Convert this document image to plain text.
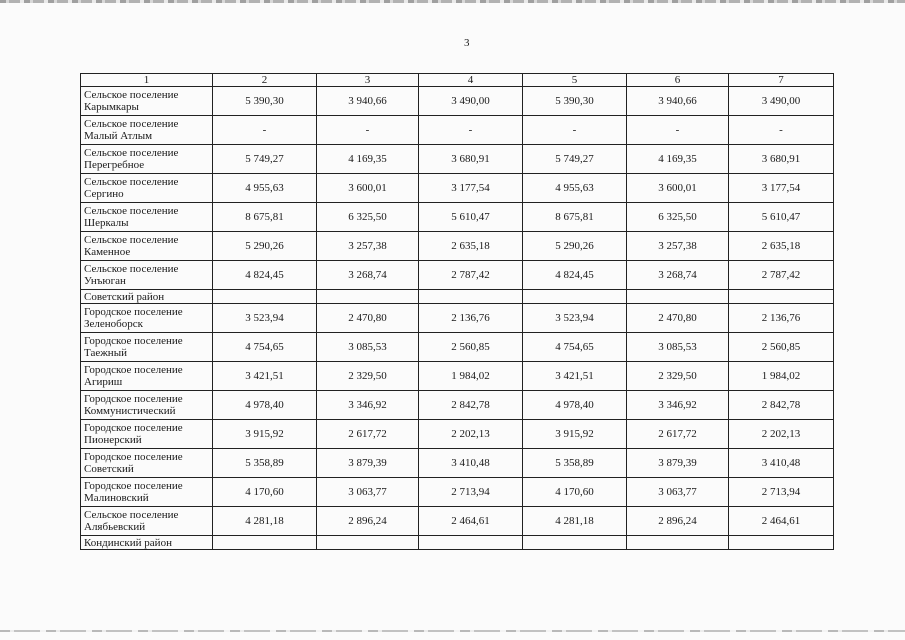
3
1	2	3	4	5	6	7
Сельское поселение Карымкары	5 390,30	3 940,66	3 490,00	5 390,30	3 940,66	3 490,00
Сельское поселение Малый Атлым	-	-	-	-	-	-
Сельское поселение Перегребное	5 749,27	4 169,35	3 680,91	5 749,27	4 169,35	3 680,91
Сельское поселение Сергино	4 955,63	3 600,01	3 177,54	4 955,63	3 600,01	3 177,54
Сельское поселение Шеркалы	8 675,81	6 325,50	5 610,47	8 675,81	6 325,50	5 610,47
Сельское поселение Каменное	5 290,26	3 257,38	2 635,18	5 290,26	3 257,38	2 635,18
Сельское поселение Унъюган	4 824,45	3 268,74	2 787,42	4 824,45	3 268,74	2 787,42
Советский район						
Городское поселение Зеленоборск	3 523,94	2 470,80	2 136,76	3 523,94	2 470,80	2 136,76
Городское поселение Таежный	4 754,65	3 085,53	2 560,85	4 754,65	3 085,53	2 560,85
Городское поселение Агириш	3 421,51	2 329,50	1 984,02	3 421,51	2 329,50	1 984,02
Городское поселение Коммунистический	4 978,40	3 346,92	2 842,78	4 978,40	3 346,92	2 842,78
Городское поселение Пионерский	3 915,92	2 617,72	2 202,13	3 915,92	2 617,72	2 202,13
Городское поселение Советский	5 358,89	3 879,39	3 410,48	5 358,89	3 879,39	3 410,48
Городское поселение Малиновский	4 170,60	3 063,77	2 713,94	4 170,60	3 063,77	2 713,94
Сельское поселение Алябьевский	4 281,18	2 896,24	2 464,61	4 281,18	2 896,24	2 464,61
Кондинский район						
